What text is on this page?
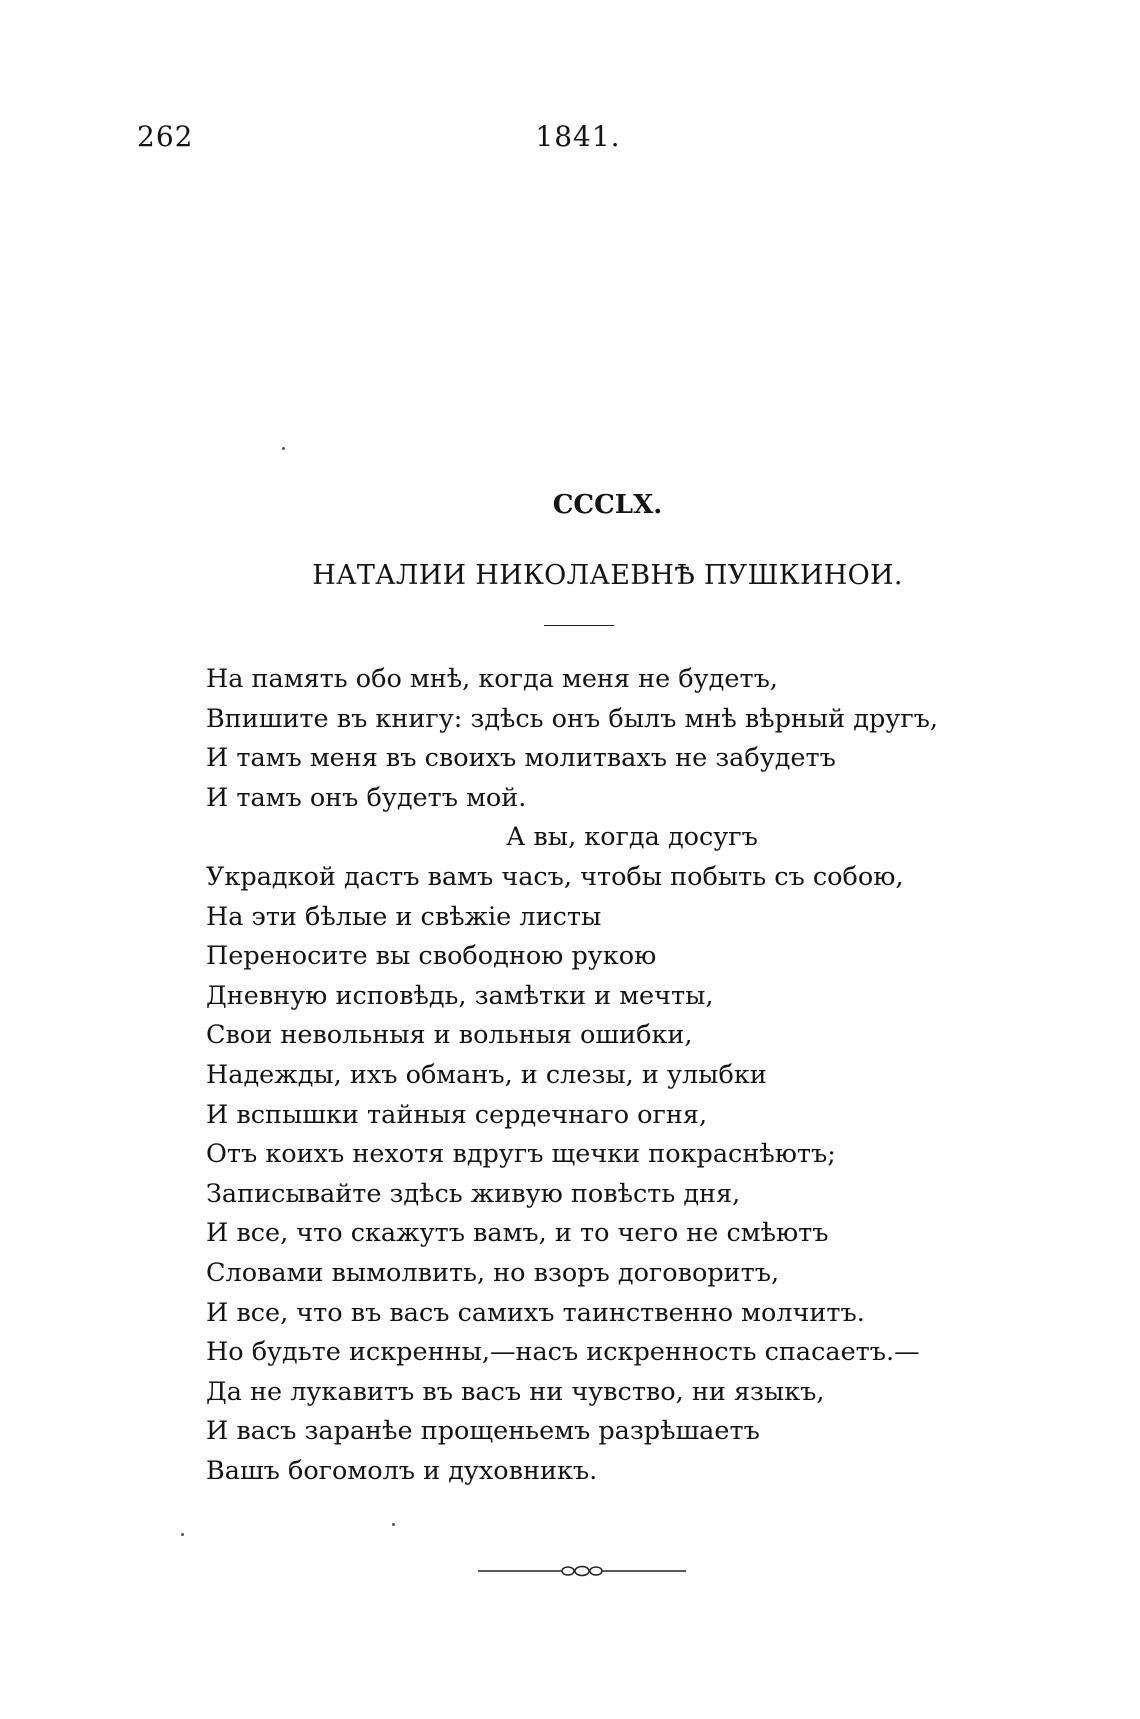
262	1841.
CCCLX.
НАТАЛИИ НИКОЛАЕВНѢ ПУШКИНОИ.
На память обо мнѣ, когда меня не будетъ,
Впишите въ книгу: здѣсь онъ былъ мнѣ вѣрный другъ,
И тамъ меня въ своихъ молитвахъ не забудетъ
И тамъ онъ будетъ мой.
А вы, когда досугъ
Украдкой дастъ вамъ часъ, чтобы побыть съ собою,
На эти бѣлые и свѣжіе листы
Переносите вы свободною рукою
Дневную исповѣдь, замѣтки и мечты,
Свои невольныя и вольныя ошибки,
Надежды, ихъ обманъ, и слезы, и улыбки
И вспышки тайныя сердечнаго огня,
Отъ коихъ нехотя вдругъ щечки покраснѣютъ;
Записывайте здѣсь живую повѣсть дня,
И все, что скажутъ вамъ, и то чего не смѣютъ
Словами вымолвить, но взоръ договоритъ,
И все, что въ васъ самихъ таинственно молчитъ.
Но будьте искренны,—насъ искренность спасаетъ.—
Да не лукавитъ въ васъ ни чувство, ни языкъ,
И васъ заранѣе прощеньемъ разрѣшаетъ
Вашъ богомолъ и духовникъ.
